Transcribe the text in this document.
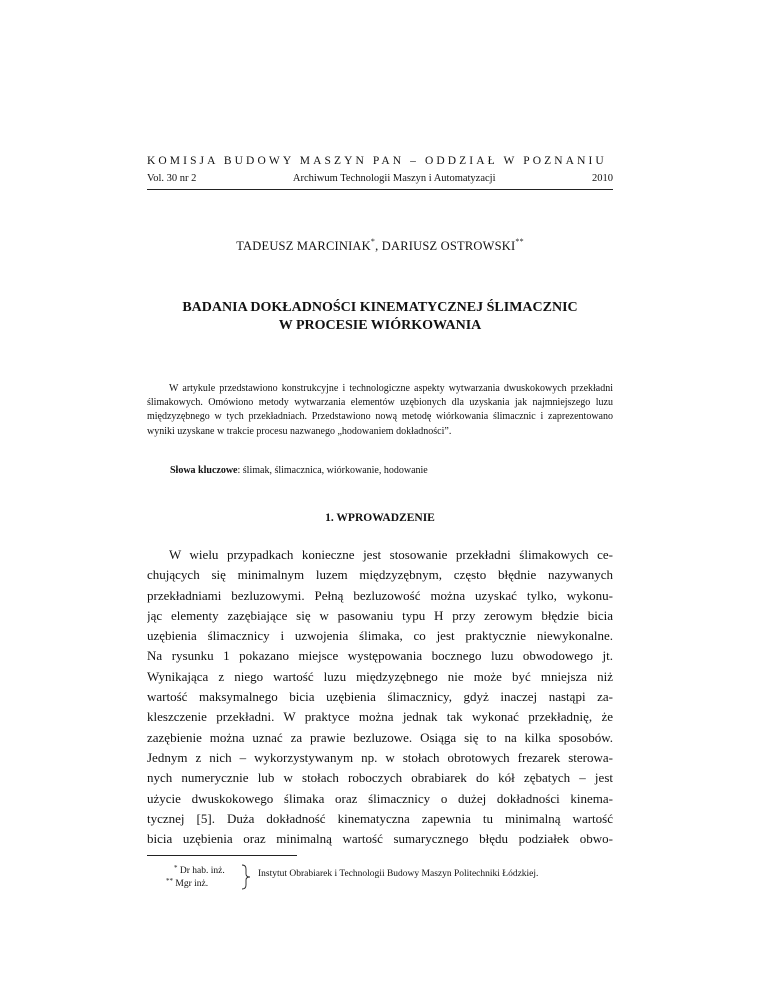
KOMISJA BUDOWY MASZYN PAN – ODDZIAŁ W POZNANIU
Vol. 30 nr 2	Archiwum Technologii Maszyn i Automatyzacji	2010
TADEUSZ MARCINIAK*, DARIUSZ OSTROWSKI**
BADANIA DOKŁADNOŚCI KINEMATYCZNEJ ŚLIMACZNIC
W PROCESIE WIÓRKOWANIA
W artykule przedstawiono konstrukcyjne i technologiczne aspekty wytwarzania dwuskokowych przekładni ślimakowych. Omówiono metody wytwarzania elementów uzębionych dla uzyskania jak najmniejszego luzu międzyzębnego w tych przekładniach. Przedstawiono nową metodę wiórkowania ślimacznic i zaprezentowano wyniki uzyskane w trakcie procesu nazwanego „hodowaniem dokładności”.
Słowa kluczowe: ślimak, ślimacznica, wiórkowanie, hodowanie
1. WPROWADZENIE
W wielu przypadkach konieczne jest stosowanie przekładni ślimakowych ce-
chujących się minimalnym luzem międzyzębnym, często błędnie nazywanych
przekładniami bezluzowymi. Pełną bezluzowość można uzyskać tylko, wykonu-
jąc elementy zazębiające się w pasowaniu typu H przy zerowym błędzie bicia
uzębienia ślimacznicy i uzwojenia ślimaka, co jest praktycznie niewykonalne.
Na rysunku 1 pokazano miejsce występowania bocznego luzu obwodowego jt.
Wynikająca z niego wartość luzu międzyzębnego nie może być mniejsza niż
wartość maksymalnego bicia uzębienia ślimacznicy, gdyż inaczej nastąpi za-
kleszczenie przekładni. W praktyce można jednak tak wykonać przekładnię, że
zazębienie można uznać za prawie bezluzowe. Osiąga się to na kilka sposobów.
Jednym z nich – wykorzystywanym np. w stołach obrotowych frezarek sterowa-
nych numerycznie lub w stołach roboczych obrabiarek do kół zębatych – jest
użycie dwuskokowego ślimaka oraz ślimacznicy o dużej dokładności kinema-
tycznej [5]. Duża dokładność kinematyczna zapewnia tu minimalną wartość
bicia uzębienia oraz minimalną wartość sumarycznego błędu podziałek obwo-
* Dr hab. inż.
** Mgr inż.
Instytut Obrabiarek i Technologii Budowy Maszyn Politechniki Łódzkiej.
